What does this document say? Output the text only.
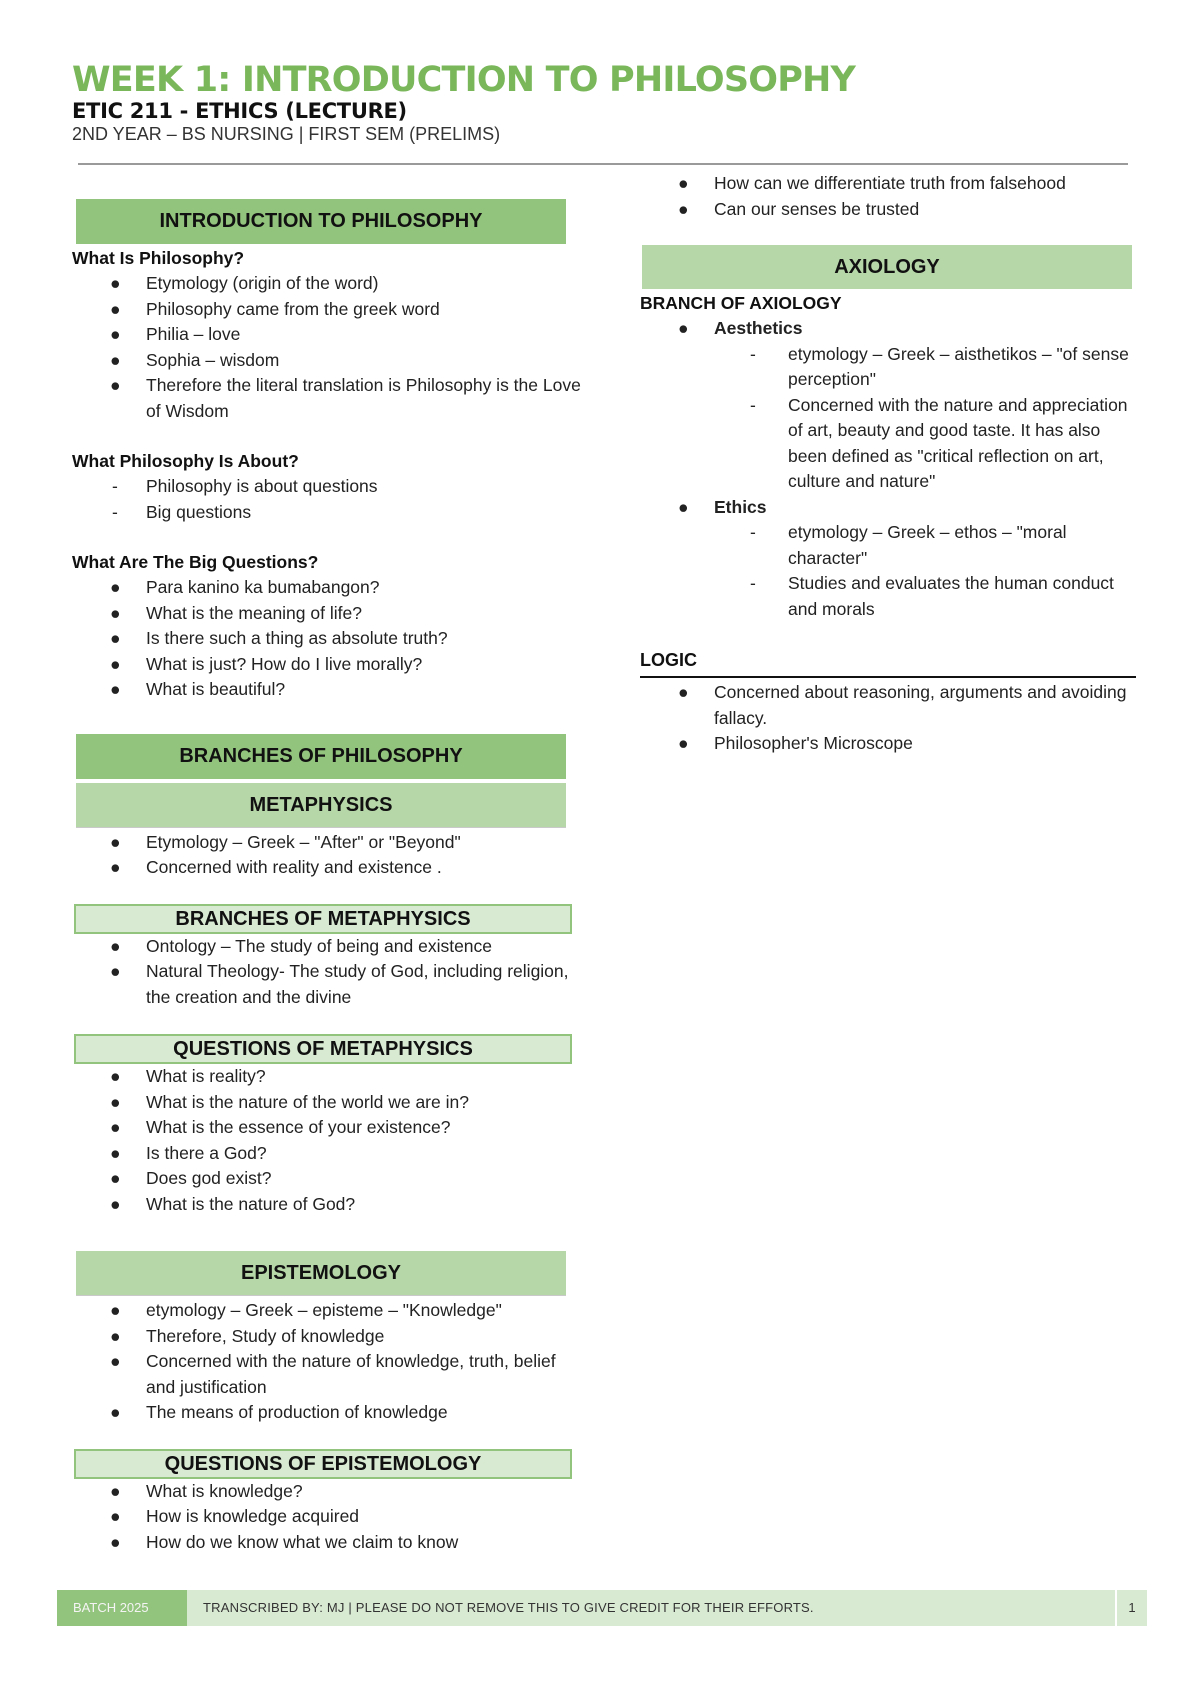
WEEK 1: INTRODUCTION TO PHILOSOPHY
ETIC 211 - ETHICS (LECTURE)
2ND YEAR – BS NURSING | FIRST SEM (PRELIMS)
INTRODUCTION TO PHILOSOPHY
What Is Philosophy?
● Etymology (origin of the word)
● Philosophy came from the greek word
● Philia – love
● Sophia – wisdom
● Therefore the literal translation is Philosophy is the Love of Wisdom
What Philosophy Is About?
- Philosophy is about questions
- Big questions
What Are The Big Questions?
● Para kanino ka bumabangon?
● What is the meaning of life?
● Is there such a thing as absolute truth?
● What is just? How do I live morally?
● What is beautiful?
BRANCHES OF PHILOSOPHY
METAPHYSICS
● Etymology – Greek – "After" or "Beyond"
● Concerned with reality and existence .
BRANCHES OF METAPHYSICS
● Ontology – The study of being and existence
● Natural Theology- The study of God, including religion, the creation and the divine
QUESTIONS OF METAPHYSICS
● What is reality?
● What is the nature of the world we are in?
● What is the essence of your existence?
● Is there a God?
● Does god exist?
● What is the nature of God?
EPISTEMOLOGY
● etymology – Greek – episteme – "Knowledge"
● Therefore, Study of knowledge
● Concerned with the nature of knowledge, truth, belief and justification
● The means of production of knowledge
QUESTIONS OF EPISTEMOLOGY
● What is knowledge?
● How is knowledge acquired
● How do we know what we claim to know
● How can we differentiate truth from falsehood
● Can our senses be trusted
AXIOLOGY
BRANCH OF AXIOLOGY
● Aesthetics
- etymology – Greek – aisthetikos – "of sense perception"
- Concerned with the nature and appreciation of art, beauty and good taste. It has also been defined as "critical reflection on art, culture and nature"
● Ethics
- etymology – Greek – ethos – "moral character"
- Studies and evaluates the human conduct and morals
LOGIC
● Concerned about reasoning, arguments and avoiding fallacy.
● Philosopher's Microscope
BATCH 2025	TRANSCRIBED BY: MJ | PLEASE DO NOT REMOVE THIS TO GIVE CREDIT FOR THEIR EFFORTS.	1
